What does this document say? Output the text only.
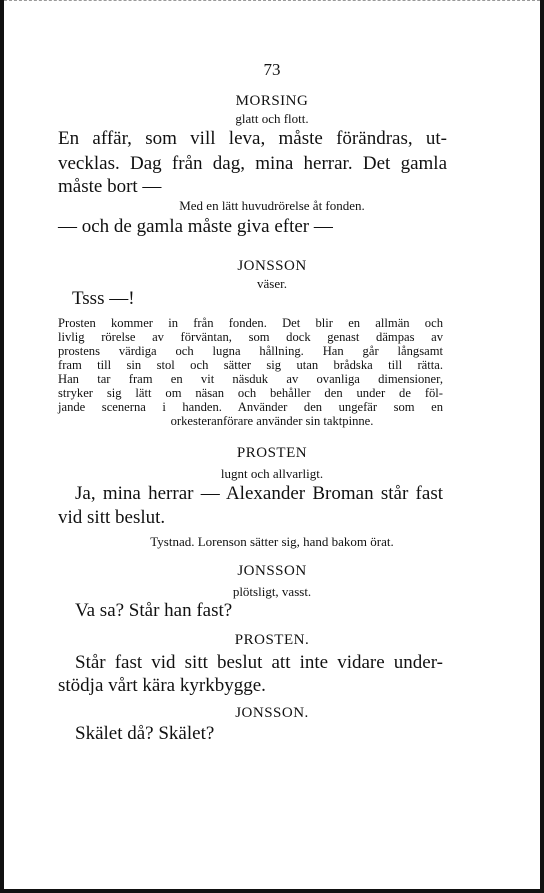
73
MORSING
glatt och flott.
En affär, som vill leva, måste förändras, ut-
vecklas. Dag från dag, mina herrar. Det gamla
måste bort —
Med en lätt huvudrörelse åt fonden.
— och de gamla måste giva efter —
JONSSON
väser.
Tsss —!
Prosten kommer in från fonden. Det blir en allmän och
livlig rörelse av förväntan, som dock genast dämpas av
prostens värdiga och lugna hållning. Han går långsamt
fram till sin stol och sätter sig utan brådska till rätta.
Han tar fram en vit näsduk av ovanliga dimensioner,
stryker sig lätt om näsan och behåller den under de föl-
jande scenerna i handen. Använder den ungefär som en
orkesteranförare använder sin taktpinne.
PROSTEN
lugnt och allvarligt.
Ja, mina herrar — Alexander Broman står fast
vid sitt beslut.
Tystnad. Lorenson sätter sig, hand bakom örat.
JONSSON
plötsligt, vasst.
Va sa? Står han fast?
PROSTEN.
Står fast vid sitt beslut att inte vidare under-
stödja vårt kära kyrkbygge.
JONSSON.
Skälet då? Skälet?
